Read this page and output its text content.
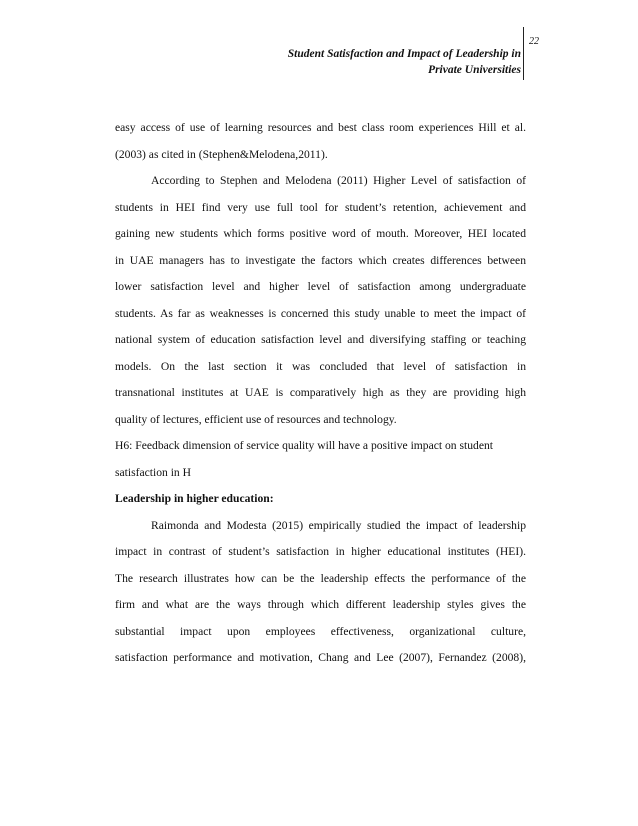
Student Satisfaction and Impact of Leadership in
Private Universities
22
easy access of use of learning resources and best class room experiences Hill et al.
(2003) as cited in (Stephen&Melodena,2011).
According to Stephen and Melodena (2011) Higher Level of satisfaction of
students in HEI find very use full tool for student’s retention, achievement and
gaining new students which forms positive word of mouth. Moreover, HEI located
in UAE managers has to investigate the factors which creates differences between
lower satisfaction level and higher level of satisfaction among undergraduate
students. As far as weaknesses is concerned this study unable to meet the impact of
national system of education satisfaction level and diversifying staffing or teaching
models. On the last section it was concluded that level of satisfaction in
transnational institutes at UAE is comparatively high as they are providing high
quality of lectures, efficient use of resources and technology.
H6: Feedback dimension of service quality will have a positive impact on student
satisfaction in H
Leadership in higher education:
Raimonda and Modesta (2015) empirically studied the impact of leadership
impact in contrast of student’s satisfaction in higher educational institutes (HEI).
The research illustrates how can be the leadership effects the performance of the
firm and what are the ways through which different leadership styles gives the
substantial impact upon employees effectiveness, organizational culture,
satisfaction performance and motivation, Chang and Lee (2007), Fernandez (2008),
